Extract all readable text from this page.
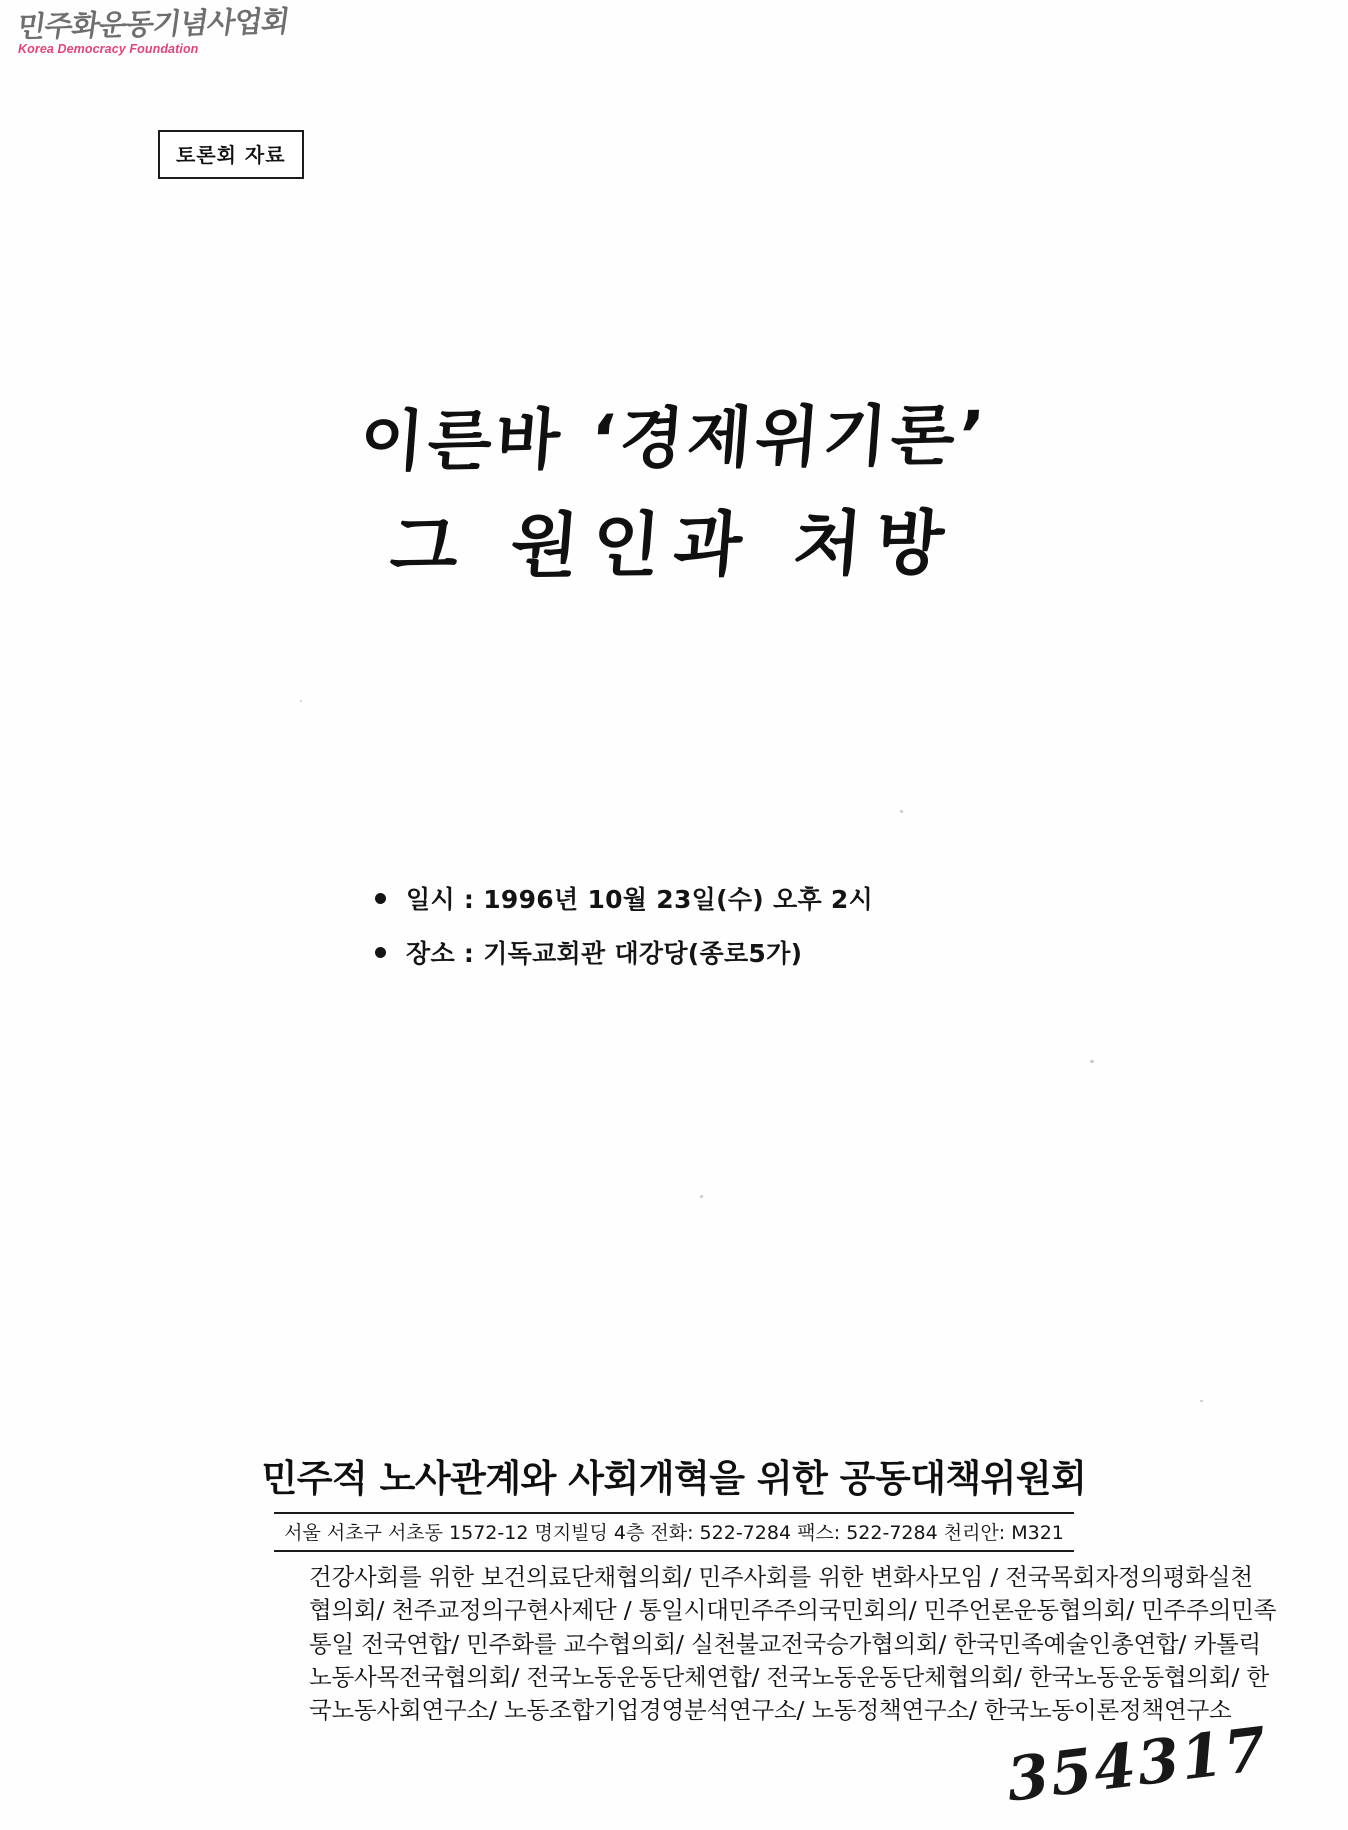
민주화운동기념사업회
Korea Democracy Foundation
토론회 자료
이른바 ‘경제위기론’
그 원인과 처방
일시 : 1996년 10월 23일(수) 오후 2시
장소 : 기독교회관 대강당(종로5가)
민주적 노사관계와 사회개혁을 위한 공동대책위원회
서울 서초구 서초동 1572-12 명지빌딩 4층 전화: 522-7284 팩스: 522-7284 천리안: M321
건강사회를 위한 보건의료단채협의회/ 민주사회를 위한 변화사모임 / 전국목회자정의평화실천
협의회/ 천주교정의구현사제단 / 통일시대민주주의국민회의/ 민주언론운동협의회/ 민주주의민족
통일 전국연합/ 민주화를 교수협의회/ 실천불교전국승가협의회/ 한국민족예술인총연합/ 카톨릭
노동사목전국협의회/ 전국노동운동단체연합/ 전국노동운동단체협의회/ 한국노동운동협의회/ 한
국노동사회연구소/ 노동조합기업경영분석연구소/ 노동정책연구소/ 한국노동이론정책연구소
354317
